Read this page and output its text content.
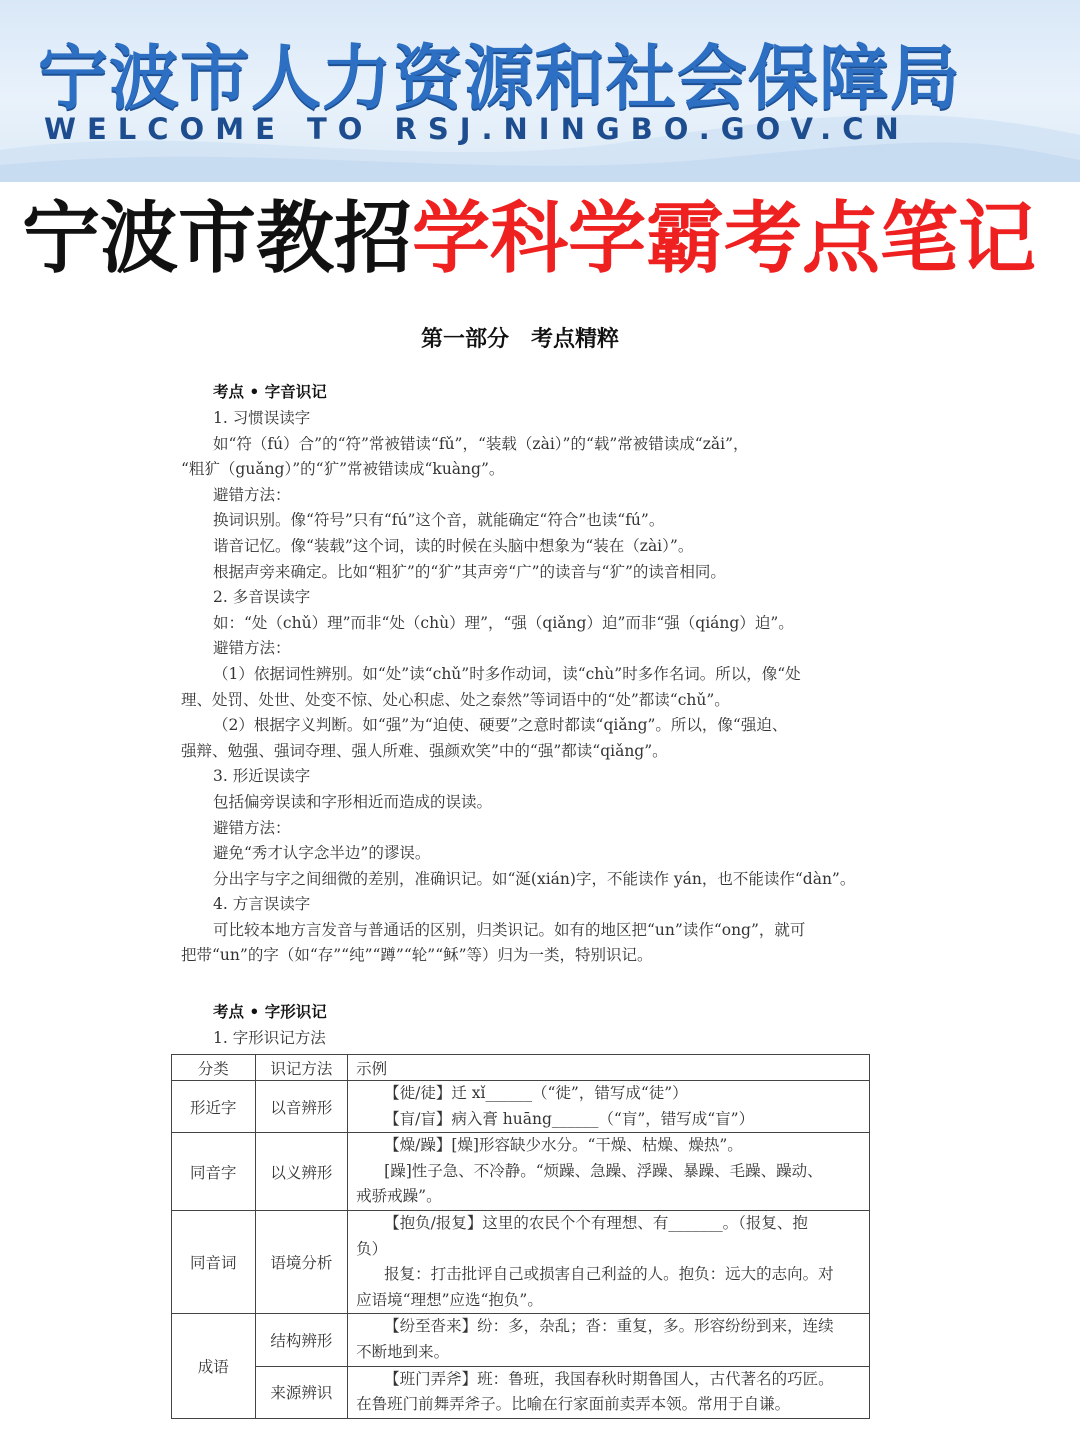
宁波市人力资源和社会保障局
WELCOME TO RSJ.NINGBO.GOV.CN
宁波市教招学科学霸考点笔记
第一部分　考点精粹
考点 • 字音识记
1. 习惯误读字
如“符（fú）合”的“符”常被错读“fǔ”，“装载（zài）”的“载”常被错读成“zǎi”，
“粗犷（guǎng）”的“犷”常被错读成“kuàng”。
避错方法：
换词识别。像“符号”只有“fú”这个音，就能确定“符合”也读“fú”。
谐音记忆。像“装载”这个词，读的时候在头脑中想象为“装在（zài）”。
根据声旁来确定。比如“粗犷”的“犷”其声旁“广”的读音与“犷”的读音相同。
2. 多音误读字
如：“处（chǔ）理”而非“处（chù）理”，“强（qiǎng）迫”而非“强（qiáng）迫”。
避错方法：
（1）依据词性辨别。如“处”读“chǔ”时多作动词，读“chù”时多作名词。所以，像“处
理、处罚、处世、处变不惊、处心积虑、处之泰然”等词语中的“处”都读“chǔ”。
（2）根据字义判断。如“强”为“迫使、硬要”之意时都读“qiǎng”。所以，像“强迫、
强辩、勉强、强词夺理、强人所难、强颜欢笑”中的“强”都读“qiǎng”。
3. 形近误读字
包括偏旁误读和字形相近而造成的误读。
避错方法：
避免“秀才认字念半边”的谬误。
分出字与字之间细微的差别，准确识记。如“涎(xián)字，不能读作 yán，也不能读作“dàn”。
4. 方言误读字
可比较本地方言发音与普通话的区别，归类识记。如有的地区把“un”读作“ong”，就可
把带“un”的字（如“存”“纯”“蹲”“轮”“稣”等）归为一类，特别识记。
考点 • 字形识记
1. 字形识记方法
分类	识记方法	示例
形近字	以音辨形	【徙/徒】迁 xǐ______（“徙”，错写成“徒”）
【肓/盲】病入膏 huāng______（“肓”，错写成“盲”）

同音字	以义辨形	【燥/躁】[燥]形容缺少水分。“干燥、枯燥、燥热”。
[躁]性子急、不冷静。“烦躁、急躁、浮躁、暴躁、毛躁、躁动、
戒骄戒躁”。

同音词	语境分析	【抱负/报复】这里的农民个个有理想、有_______。（报复、抱
负）
报复：打击批评自己或损害自己利益的人。抱负：远大的志向。对
应语境“理想”应选“抱负”。

成语	结构辨形	【纷至沓来】纷：多，杂乱；沓：重复，多。形容纷纷到来，连续
不断地到来。

	来源辨识	【班门弄斧】班：鲁班，我国春秋时期鲁国人，古代著名的巧匠。
在鲁班门前舞弄斧子。比喻在行家面前卖弄本领。常用于自谦。
